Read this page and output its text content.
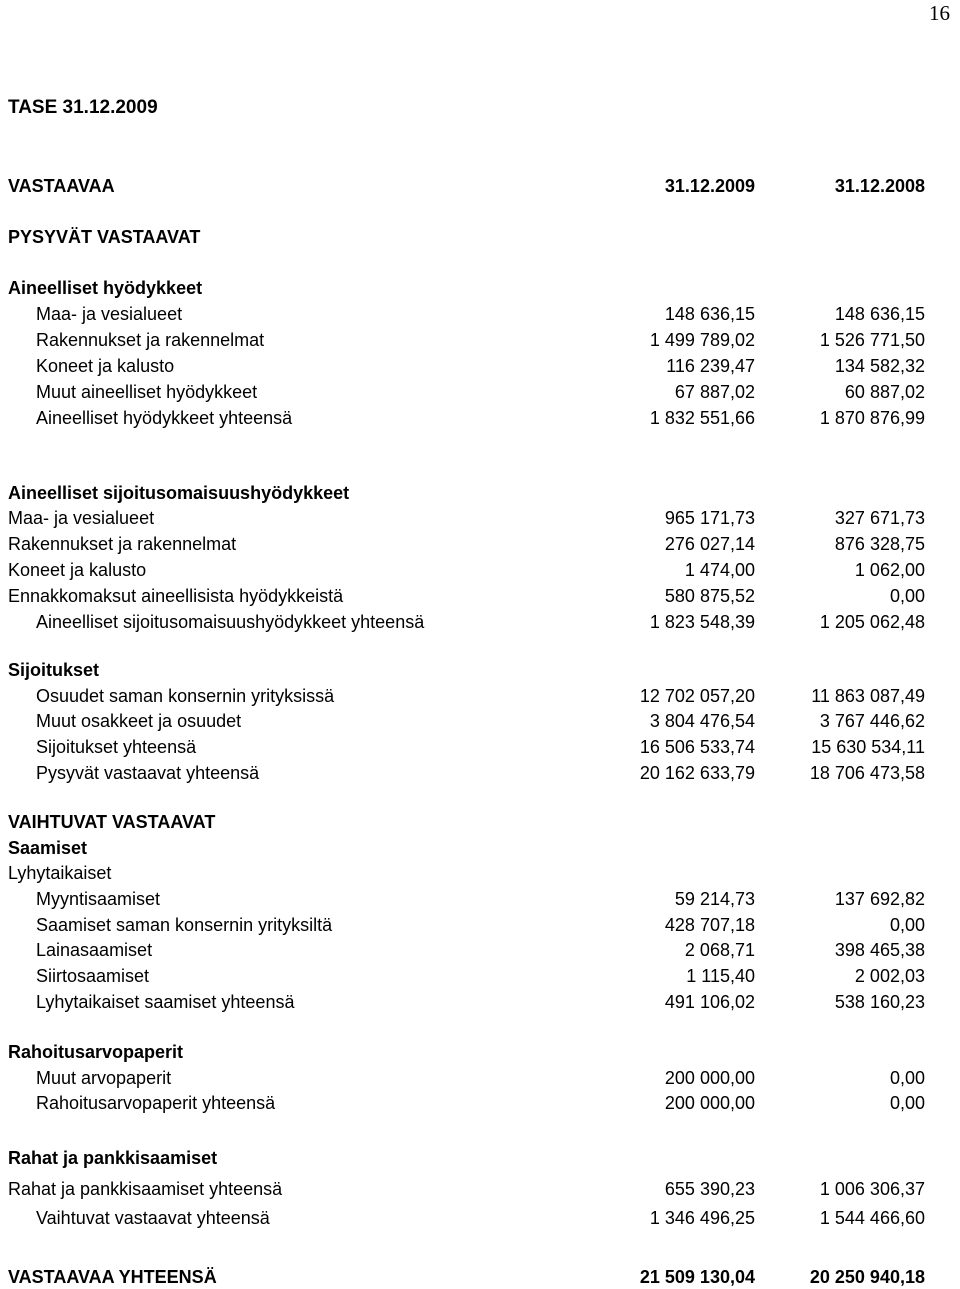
16
TASE 31.12.2009
VASTAAVAA	31.12.2009	31.12.2008
PYSYVÄT VASTAAVAT
Aineelliset hyödykkeet
Maa- ja vesialueet	148 636,15	148 636,15
Rakennukset ja rakennelmat	1 499 789,02	1 526 771,50
Koneet ja kalusto	116 239,47	134 582,32
Muut aineelliset hyödykkeet	67 887,02	60 887,02
Aineelliset hyödykkeet yhteensä	1 832 551,66	1 870 876,99
Aineelliset sijoitusomaisuushyödykkeet
Maa- ja vesialueet	965 171,73	327 671,73
Rakennukset ja rakennelmat	276 027,14	876 328,75
Koneet ja kalusto	1 474,00	1 062,00
Ennakkomaksut aineellisista hyödykkeistä	580 875,52	0,00
Aineelliset sijoitusomaisuushyödykkeet yhteensä	1 823 548,39	1 205 062,48
Sijoitukset
Osuudet saman konsernin yrityksissä	12 702 057,20	11 863 087,49
Muut osakkeet ja osuudet	3 804 476,54	3 767 446,62
Sijoitukset yhteensä	16 506 533,74	15 630 534,11
Pysyvät vastaavat yhteensä	20 162 633,79	18 706 473,58
VAIHTUVAT VASTAAVAT
Saamiset
Lyhytaikaiset
Myyntisaamiset	59 214,73	137 692,82
Saamiset saman konsernin yrityksiltä	428 707,18	0,00
Lainasaamiset	2 068,71	398 465,38
Siirtosaamiset	1 115,40	2 002,03
Lyhytaikaiset saamiset yhteensä	491 106,02	538 160,23
Rahoitusarvopaperit
Muut arvopaperit	200 000,00	0,00
Rahoitusarvopaperit yhteensä	200 000,00	0,00
Rahat ja pankkisaamiset
Rahat ja pankkisaamiset yhteensä	655 390,23	1 006 306,37
Vaihtuvat vastaavat yhteensä	1 346 496,25	1 544 466,60
VASTAAVAA YHTEENSÄ	21 509 130,04	20 250 940,18
